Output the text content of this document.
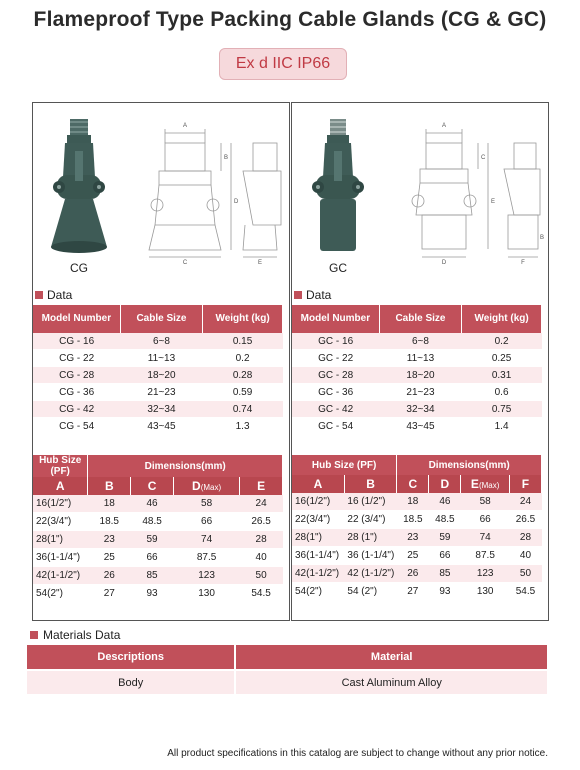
Flameproof Type Packing Cable Glands (CG & GC)
Ex d IIC IP66
A
B
C
D
E
CG
Data
Model Number	Cable Size	Weight (kg)
CG - 16	6~8	0.15
CG - 22	11~13	0.2
CG - 28	18~20	0.28
CG - 36	21~23	0.59
CG - 42	32~34	0.74
CG - 54	43~45	1.3
Hub Size (PF)	Dimensions(mm)			
A	B	C	D(Max)	E
16(1/2")	18	46	58	24
22(3/4")	18.5	48.5	66	26.5
28(1")	23	59	74	28
36(1-1/4")	25	66	87.5	40
42(1-1/2")	26	85	123	50
54(2")	27	93	130	54.5
A
C
D
E
F
B
GC
Data
Model Number	Cable Size	Weight (kg)
GC - 16	6~8	0.2
GC - 22	11~13	0.25
GC - 28	18~20	0.31
GC - 36	21~23	0.6
GC - 42	32~34	0.75
GC - 54	43~45	1.4
Hub Size (PF)		Dimensions(mm)			
A	B	C	D	E(Max)	F
16(1/2")	16 (1/2")	18	46	58	24
22(3/4")	22 (3/4")	18.5	48.5	66	26.5
28(1")	28 (1")	23	59	74	28
36(1-1/4")	36 (1-1/4")	25	66	87.5	40
42(1-1/2")	42 (1-1/2")	26	85	123	50
54(2")	54 (2")	27	93	130	54.5
Materials Data
Descriptions	Material
Body	Cast Aluminum Alloy
All product specifications in this catalog are subject to change without any prior notice.
